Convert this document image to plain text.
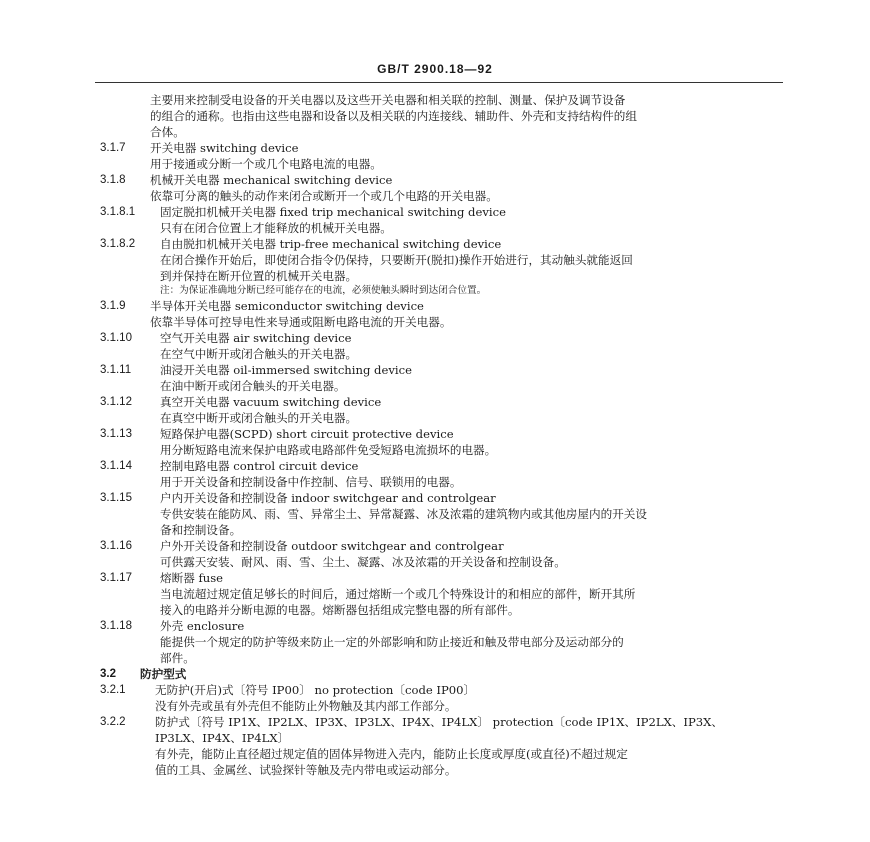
GB/T 2900.18—92
主要用来控制受电设备的开关电器以及这些开关电器和相关联的控制、测量、保护及调节设备
的组合的通称。也指由这些电器和设备以及相关联的内连接线、辅助件、外壳和支持结构件的组
合体。
3.1.7 开关电器 switching device
用于接通或分断一个或几个电路电流的电器。
3.1.8 机械开关电器 mechanical switching device
依靠可分离的触头的动作来闭合或断开一个或几个电路的开关电器。
3.1.8.1 固定脱扣机械开关电器 fixed trip mechanical switching device
只有在闭合位置上才能释放的机械开关电器。
3.1.8.2 自由脱扣机械开关电器 trip-free mechanical switching device
在闭合操作开始后，即使闭合指令仍保持，只要断开(脱扣)操作开始进行，其动触头就能返回
到并保持在断开位置的机械开关电器。
注：为保证准确地分断已经可能存在的电流，必须使触头瞬时到达闭合位置。
3.1.9 半导体开关电器 semiconductor switching device
依靠半导体可控导电性来导通或阻断电路电流的开关电器。
3.1.10 空气开关电器 air switching device
在空气中断开或闭合触头的开关电器。
3.1.11 油浸开关电器 oil-immersed switching device
在油中断开或闭合触头的开关电器。
3.1.12 真空开关电器 vacuum switching device
在真空中断开或闭合触头的开关电器。
3.1.13 短路保护电器(SCPD) short circuit protective device
用分断短路电流来保护电路或电路部件免受短路电流损坏的电器。
3.1.14 控制电路电器 control circuit device
用于开关设备和控制设备中作控制、信号、联锁用的电器。
3.1.15 户内开关设备和控制设备 indoor switchgear and controlgear
专供安装在能防风、雨、雪、异常尘土、异常凝露、冰及浓霜的建筑物内或其他房屋内的开关设
备和控制设备。
3.1.16 户外开关设备和控制设备 outdoor switchgear and controlgear
可供露天安装、耐风、雨、雪、尘土、凝露、冰及浓霜的开关设备和控制设备。
3.1.17 熔断器 fuse
当电流超过规定值足够长的时间后，通过熔断一个或几个特殊设计的和相应的部件，断开其所
接入的电路并分断电源的电器。熔断器包括组成完整电器的所有部件。
3.1.18 外壳 enclosure
能提供一个规定的防护等级来防止一定的外部影响和防止接近和触及带电部分及运动部分的
部件。
3.2 防护型式
3.2.1	无防护(开启)式〔符号 IP00〕 no protection〔code IP00〕
没有外壳或虽有外壳但不能防止外物触及其内部工作部分。
3.2.2	防护式〔符号 IP1X、IP2LX、IP3X、IP3LX、IP4X、IP4LX〕 protection〔code IP1X、IP2LX、IP3X、
IP3LX、IP4X、IP4LX〕
有外壳，能防止直径超过规定值的固体异物进入壳内，能防止长度或厚度(或直径)不超过规定
值的工具、金属丝、试验探针等触及壳内带电或运动部分。
